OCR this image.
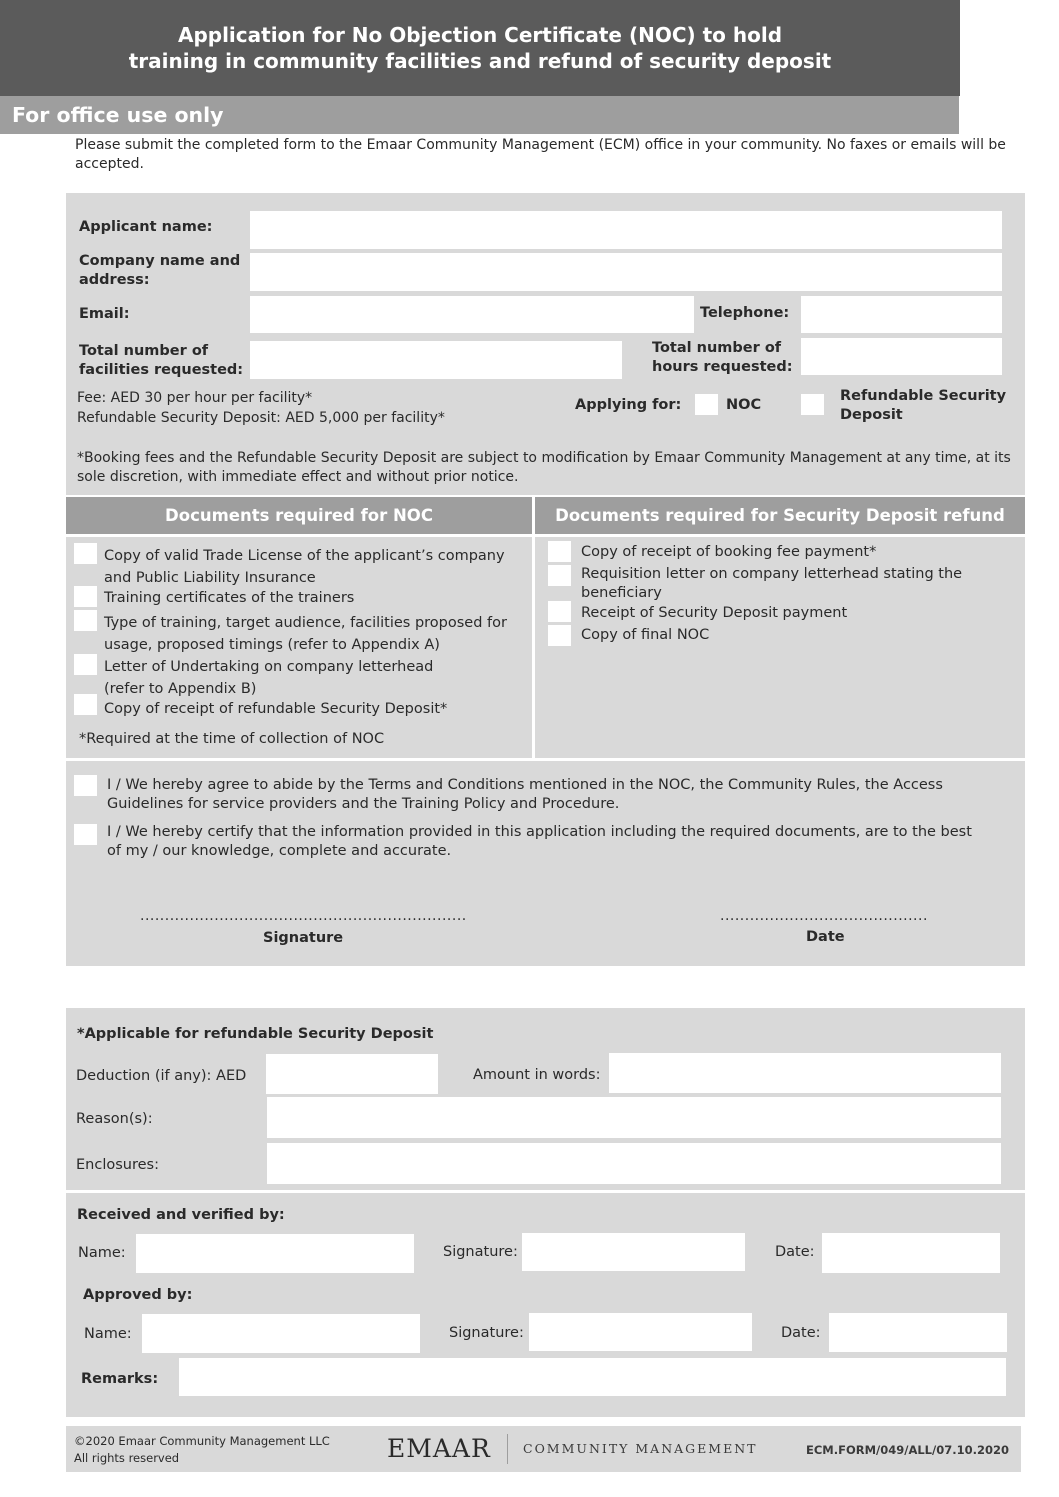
Application for No Objection Certificate (NOC) to hold
training in community facilities and refund of security deposit
Please submit the completed form to the Emaar Community Management (ECM) office in your community. No faxes or emails will be accepted.
Applicant name:
Company name and address:
Email:	Telephone:
Total number of facilities requested:
Total number of hours requested:
Fee: AED 30 per hour per facility*
Refundable Security Deposit: AED 5,000 per facility*
Applying for:	NOC
Refundable Security Deposit
*Booking fees and the Refundable Security Deposit are subject to modification by Emaar Community Management at any time, at its sole discretion, with immediate effect and without prior notice.
Documents required for NOC	Documents required for Security Deposit refund
Copy of valid Trade License of the applicant’s company and Public Liability Insurance
Training certificates of the trainers
Type of training, target audience, facilities proposed for usage, proposed timings (refer to Appendix A)
Letter of Undertaking on company letterhead (refer to Appendix B)
Copy of receipt of refundable Security Deposit*
*Required at the time of collection of NOC
Copy of receipt of booking fee payment*
Requisition letter on company letterhead stating the beneficiary
Receipt of Security Deposit payment
Copy of final NOC
I / We hereby agree to abide by the Terms and Conditions mentioned in the NOC, the Community Rules, the Access Guidelines for service providers and the Training Policy and Procedure.
I / We hereby certify that the information provided in this application including the required documents, are to the best of my / our knowledge, complete and accurate.
..................................................................
Signature
..........................................
Date
For office use only
*Applicable for refundable Security Deposit
Deduction (if any): AED	Amount in words:
Reason(s):
Enclosures:
Received and verified by:
Name:	Signature:	Date:
Approved by:
Name:	Signature:	Date:
Remarks:
©2020 Emaar Community Management LLC
All rights reserved	EMAAR	COMMUNITY MANAGEMENT	ECM.FORM/049/ALL/07.10.2020
